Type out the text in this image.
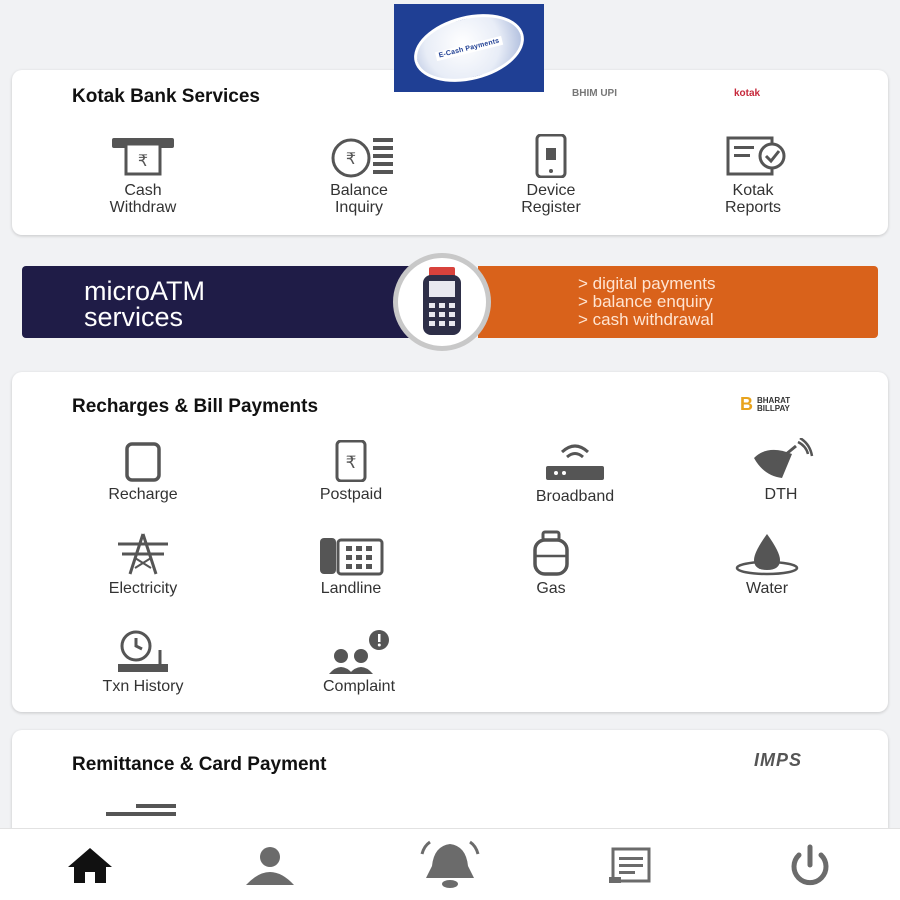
E-Cash Payments
Kotak Bank Services	BHIM UPI	kotak
₹
Cash
Withdraw
₹
Balance
Inquiry
Device
Register
Kotak
Reports
microATM
services
> digital payments
> balance enquiry
> cash withdrawal
Recharges & Bill Payments	B BHARAT BILLPAY
Recharge
₹
Postpaid	Broadband	DTH
Electricity	Landline	Gas	Water
Txn History	Complaint
Remittance & Card Payment	IMPS
